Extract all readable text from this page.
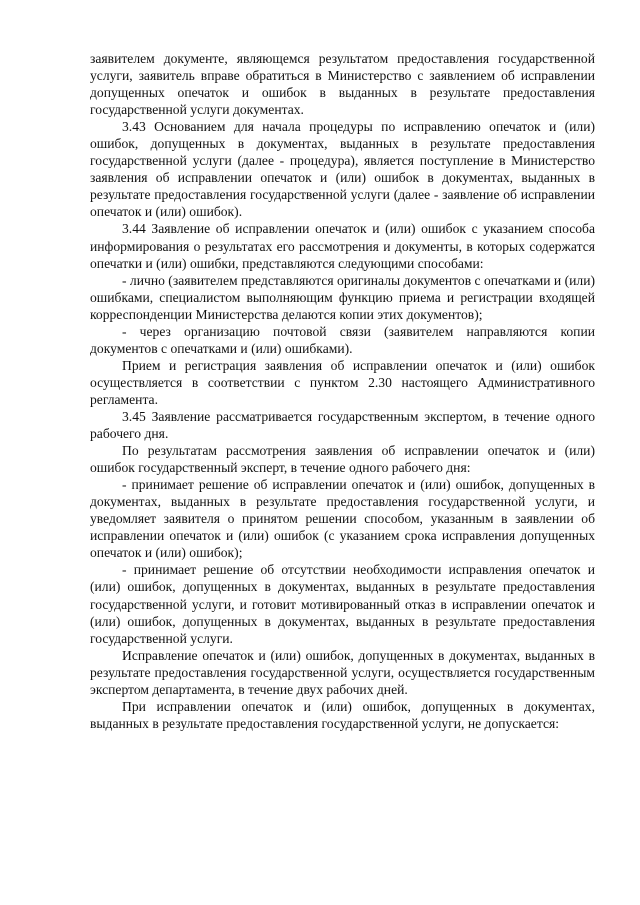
заявителем документе, являющемся результатом предоставления государственной услуги, заявитель вправе обратиться в Министерство с заявлением об исправлении допущенных опечаток и ошибок в выданных в результате предоставления государственной услуги документах.

3.43 Основанием для начала процедуры по исправлению опечаток и (или) ошибок, допущенных в документах, выданных в результате предоставления государственной услуги (далее - процедура), является поступление в Министерство заявления об исправлении опечаток и (или) ошибок в документах, выданных в результате предоставления государственной услуги (далее - заявление об исправлении опечаток и (или) ошибок).

3.44 Заявление об исправлении опечаток и (или) ошибок с указанием способа информирования о результатах его рассмотрения и документы, в которых содержатся опечатки и (или) ошибки, представляются следующими способами:

- лично (заявителем представляются оригиналы документов с опечатками и (или) ошибками, специалистом выполняющим функцию приема и регистрации входящей корреспонденции Министерства делаются копии этих документов);

- через организацию почтовой связи (заявителем направляются копии документов с опечатками и (или) ошибками).

Прием и регистрация заявления об исправлении опечаток и (или) ошибок осуществляется в соответствии с пунктом 2.30 настоящего Административного регламента.

3.45 Заявление рассматривается государственным экспертом, в течение одного рабочего дня.

По результатам рассмотрения заявления об исправлении опечаток и (или) ошибок государственный эксперт, в течение одного рабочего дня:

- принимает решение об исправлении опечаток и (или) ошибок, допущенных в документах, выданных в результате предоставления государственной услуги, и уведомляет заявителя о принятом решении способом, указанным в заявлении об исправлении опечаток и (или) ошибок (с указанием срока исправления допущенных опечаток и (или) ошибок);

- принимает решение об отсутствии необходимости исправления опечаток и (или) ошибок, допущенных в документах, выданных в результате предоставления государственной услуги, и готовит мотивированный отказ в исправлении опечаток и (или) ошибок, допущенных в документах, выданных в результате предоставления государственной услуги.

Исправление опечаток и (или) ошибок, допущенных в документах, выданных в результате предоставления государственной услуги, осуществляется государственным экспертом департамента, в течение двух рабочих дней.

При исправлении опечаток и (или) ошибок, допущенных в документах, выданных в результате предоставления государственной услуги, не допускается:
